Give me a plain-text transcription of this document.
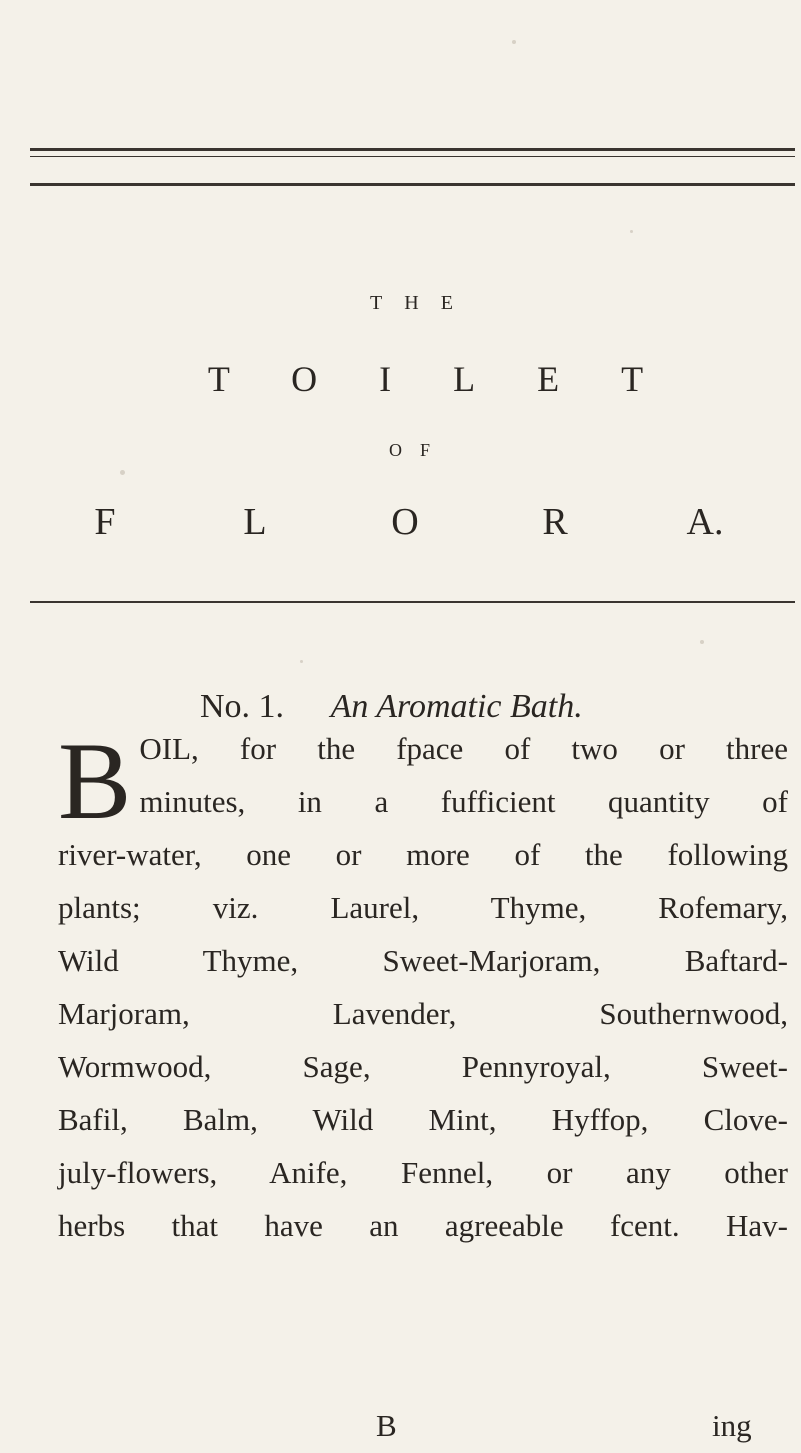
THE
TOILET
OF
F	L	O	R	A.
No. 1. An Aromatic Bath.
B OIL, for the fpace of two or three
minutes, in a fufficient quantity of
river-water, one or more of the following
plants; viz. Laurel, Thyme, Rofemary,
Wild Thyme, Sweet-Marjoram, Baftard-
Marjoram, Lavender, Southernwood,
Wormwood, Sage, Pennyroyal, Sweet-
Bafil, Balm, Wild Mint, Hyffop, Clove-
july-flowers, Anife, Fennel, or any other
herbs that have an agreeable fcent. Hav-
B	ing
